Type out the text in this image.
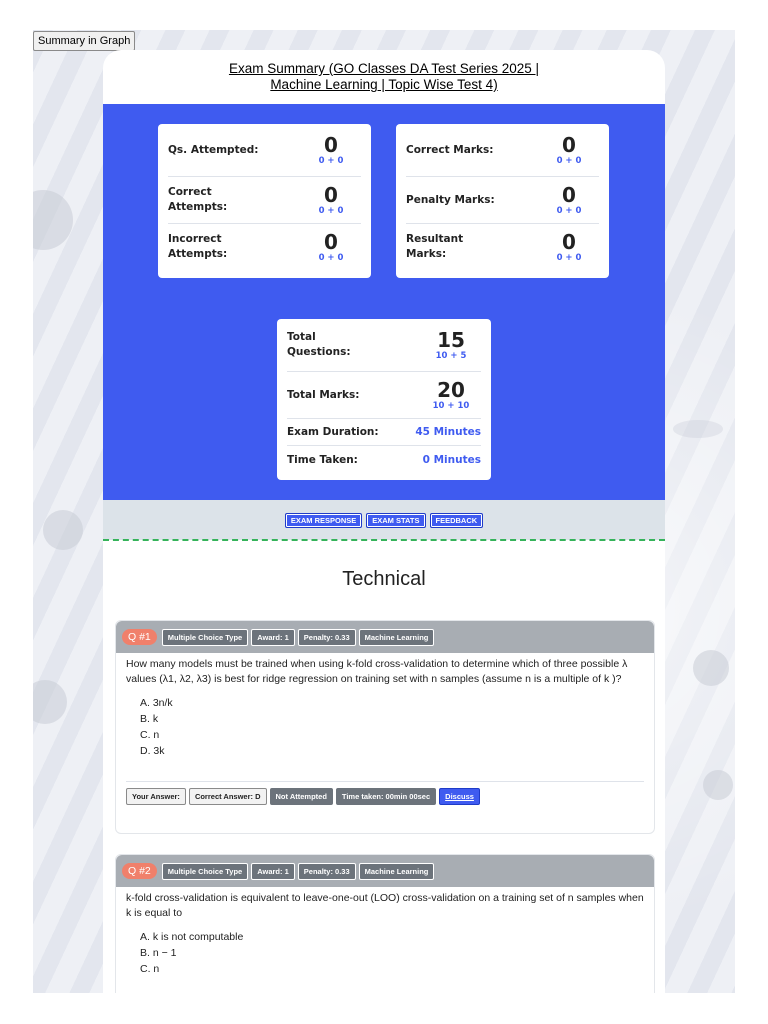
Summary in Graph
Exam Summary (GO Classes DA Test Series 2025 |
Machine Learning | Topic Wise Test 4)
Qs. Attempted:	0
0 + 0
Correct Attempts:	0
0 + 0
Incorrect Attempts:	0
0 + 0
Correct Marks:	0
0 + 0
Penalty Marks:	0
0 + 0
Resultant Marks:	0
0 + 0
Total Questions:	15
10 + 5
Total Marks:	20
10 + 10
Exam Duration:	45 Minutes
Time Taken:	0 Minutes
EXAM RESPONSE	EXAM STATS	FEEDBACK
Technical
Q #1	Multiple Choice Type	Award: 1	Penalty: 0.33	Machine Learning
How many models must be trained when using k-fold cross-validation to determine which of three possible λ values (λ1, λ2, λ3) is best for ridge regression on training set with n samples (assume n is a multiple of k )?
A. 3n/k
B. k
C. n
D. 3k
Your Answer:	Correct Answer: D	Not Attempted	Time taken: 00min 00sec	Discuss
Q #2	Multiple Choice Type	Award: 1	Penalty: 0.33	Machine Learning
k-fold cross-validation is equivalent to leave-one-out (LOO) cross-validation on a training set of n samples when k is equal to
A. k is not computable
B. n − 1
C. n
